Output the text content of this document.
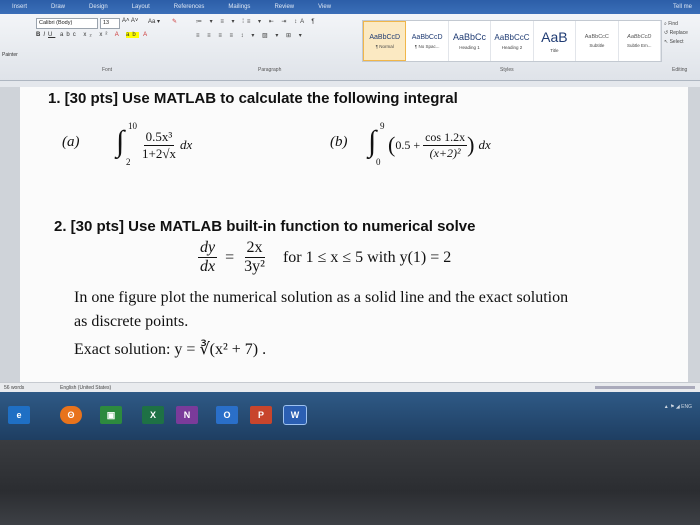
Insert	Draw	Design	Layout	References	Mailings	Review	View	Tell me
Painter
Calibri (Body)	13	A˄ A˅ Aa ▾ ✎
BIU abc x₂ x² A ab A
Font
≔ ▾ ≡ ▾ ⁞≡ ▾ ⇤ ⇥ ↕A ¶
≡ ≡ ≡ ≡ ↕ ▾ ▨ ▾ ⊞ ▾
Paragraph
AaBbCcD
¶ Normal
AaBbCcD
¶ No Spac...
AaBbCc
Heading 1
AaBbCcC
Heading 2
AaB
Title
AaBbCcC
Subtitle
AaBbCcD
Subtle Em...
Styles
⌕ Find
↺ Replace
↖ Select
Editing
1. [30 pts] Use MATLAB to calculate the following integral
(a) ∫ 10
2
$\frac{\text{0.5x³}}{1+2√x}$ dx	(b) ∫ 9
0
( $0.5 + \frac{\cos 1.2x}{\text{(x+2)²}}$ ) dx
2. [30 pts] Use MATLAB built-in function to numerical solve
$\frac{dy}{dx} = \frac{2x}{\text{3y²}}$ for 1 ≤ x ≤ 5 with y(1) = 2
In one figure plot the numerical solution as a solid line and the exact solution
as discrete points.
Exact solution: y = ∛(x² + 7) .
56 words	English (United States)
e	ʘ	▣	X	N	O	P	W
▲ ⚑ ◢ ENG
